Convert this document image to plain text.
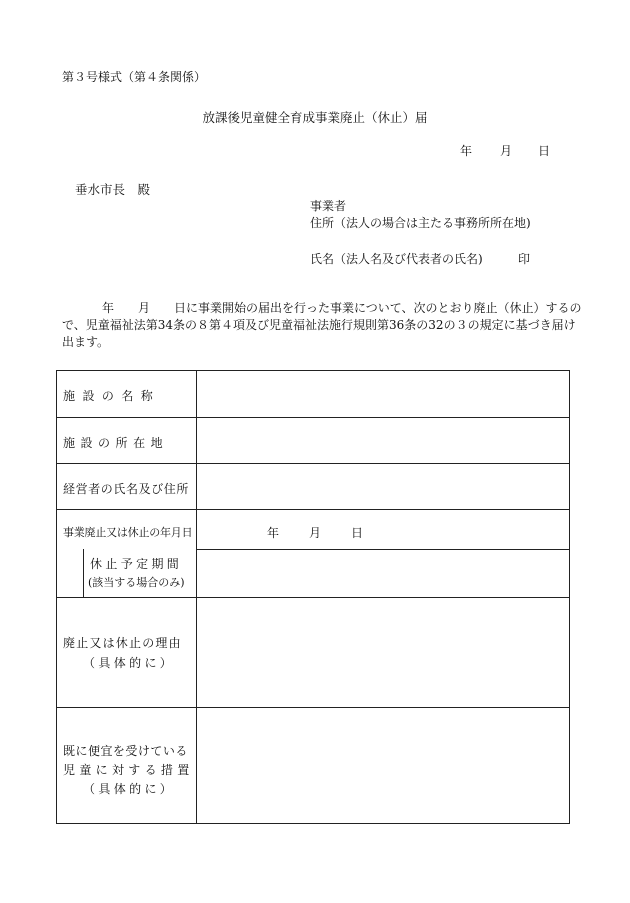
第３号様式（第４条関係）
放課後児童健全育成事業廃止（休止）届
年 月 日
垂水市長　殿
事業者
住所（法人の場合は主たる事務所所在地)
氏名（法人名及び代表者の氏名)	印
年　　月　　日に事業開始の届出を行った事業について、次のとおり廃止（休止）するので、児童福祉法第34条の８第４項及び児童福祉法施行規則第36条の32の３の規定に基づき届け出ます。
施設の名称
施設の所在地
経営者の氏名及び住所
事業廃止又は休止の年月日	年 月 日
休止予定期間
(該当する場合のみ)
廃止又は休止の理由
（具体的に）
既に便宜を受けている
児童に対する措置
（具体的に）
